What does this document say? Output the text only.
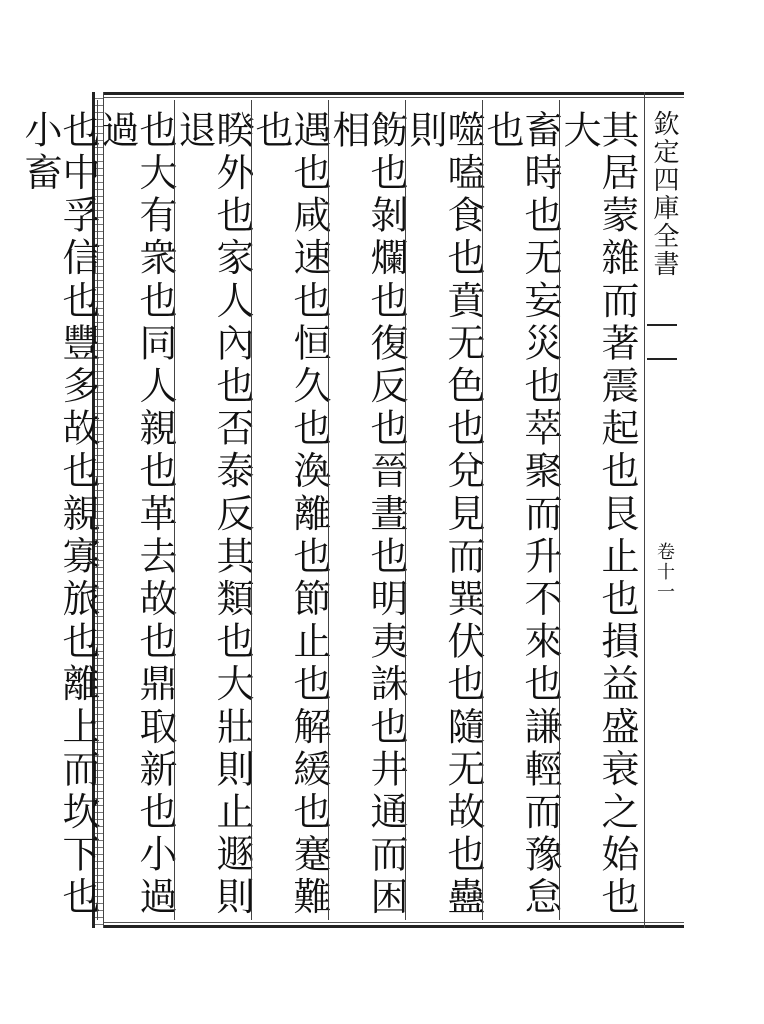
其居蒙雜而著震起也艮止也損益盛衰之始也大
畜時也无妄災也萃聚而升不來也謙輕而豫怠也
噬嗑食也賁无色也兌見而巽伏也隨无故也蠱則
飭也剝爛也復反也晉晝也明夷誅也井通而困相
遇也咸速也恒久也渙離也節止也解緩也蹇難也
睽外也家人內也否泰反其類也大壯則止遯則退
也大有衆也同人親也革去故也鼎取新也小過過
也中孚信也豐多故也親寡旅也離上而坎下也小畜	欽定四庫全書
卷十一
